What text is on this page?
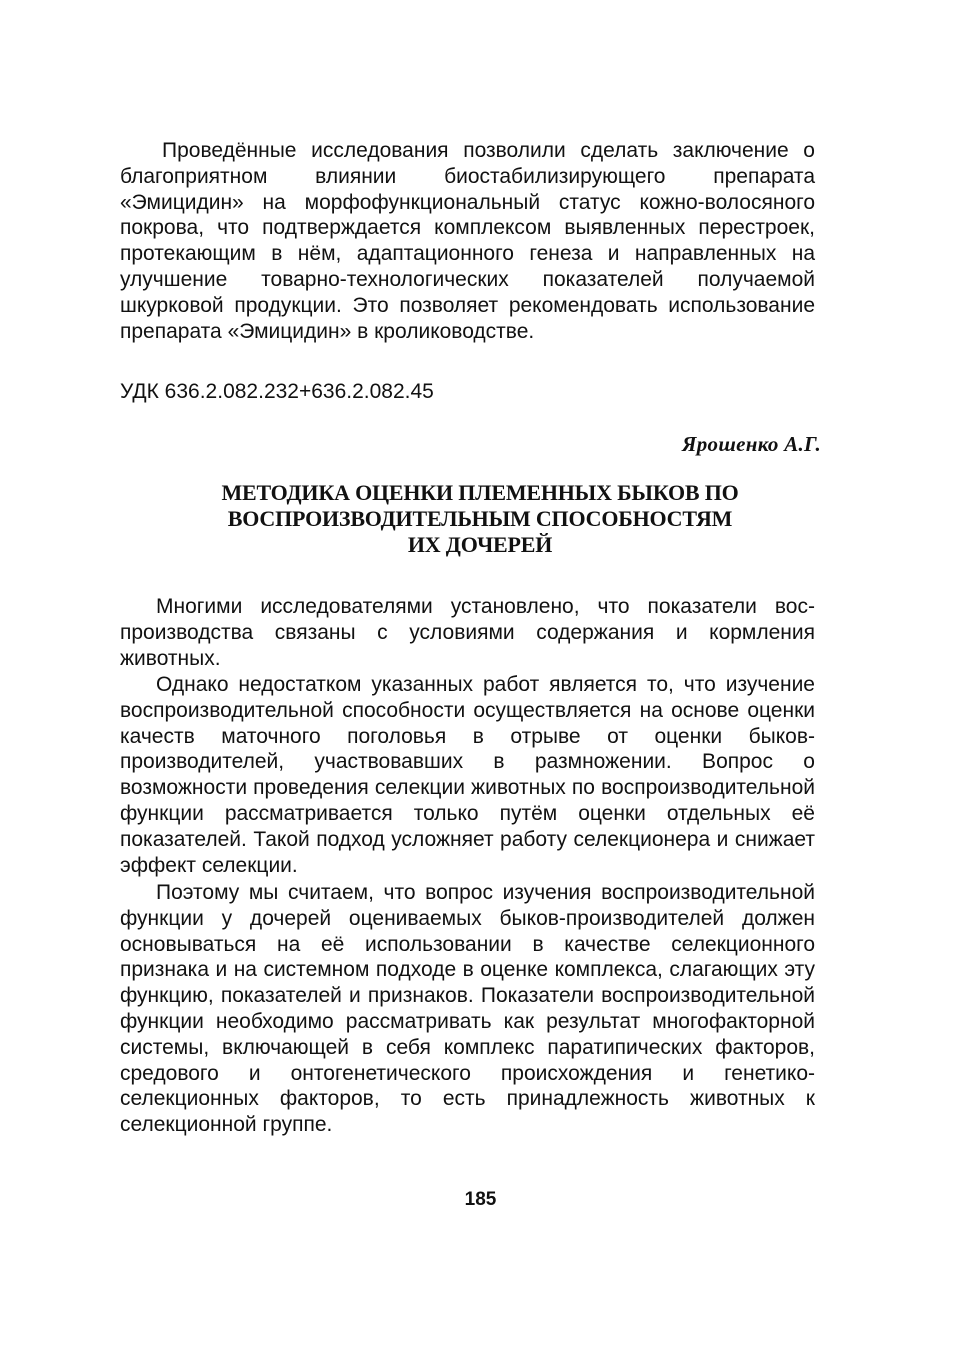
Проведённые исследования позволили сделать заключение о благоприятном влиянии биостабилизирующего препарата «Эмицидин» на морфофункциональный статус кожно-волосяного покрова, что подтверждается комплексом выявленных перестроек, протекающим в нём, адаптационного генеза и направленных на улучшение товарно-технологических показателей получаемой шкурковой продукции. Это позволяет рекомендовать использование препарата «Эмицидин» в кролиководстве.

УДК 636.2.082.232+636.2.082.45

Ярошенко А.Г.

МЕТОДИКА ОЦЕНКИ ПЛЕМЕННЫХ БЫКОВ ПО
ВОСПРОИЗВОДИТЕЛЬНЫМ СПОСОБНОСТЯМ
ИХ ДОЧЕРЕЙ

Многими исследователями установлено, что показатели воспроизводства связаны с условиями содержания и кормления животных.

Однако недостатком указанных работ является то, что изучение воспроизводительной способности осуществляется на основе оценки качеств маточного поголовья в отрыве от оценки быков-производителей, участвовавших в размножении. Вопрос о возможности проведения селекции животных по воспроизводительной функции рассматривается только путём оценки отдельных её показателей. Такой подход усложняет работу селекционера и снижает эффект селекции.

Поэтому мы считаем, что вопрос изучения воспроизводительной функции у дочерей оцениваемых быков-производителей должен основываться на её использовании в качестве селекционного признака и на системном подходе в оценке комплекса, слагающих эту функцию, показателей и признаков. Показатели воспроизводительной функции необходимо рассматривать как результат многофакторной системы, включающей в себя комплекс паратипических факторов, средового и онтогенетического происхождения и генетико-селекционных факторов, то есть принадлежность животных к селекционной группе.

185
